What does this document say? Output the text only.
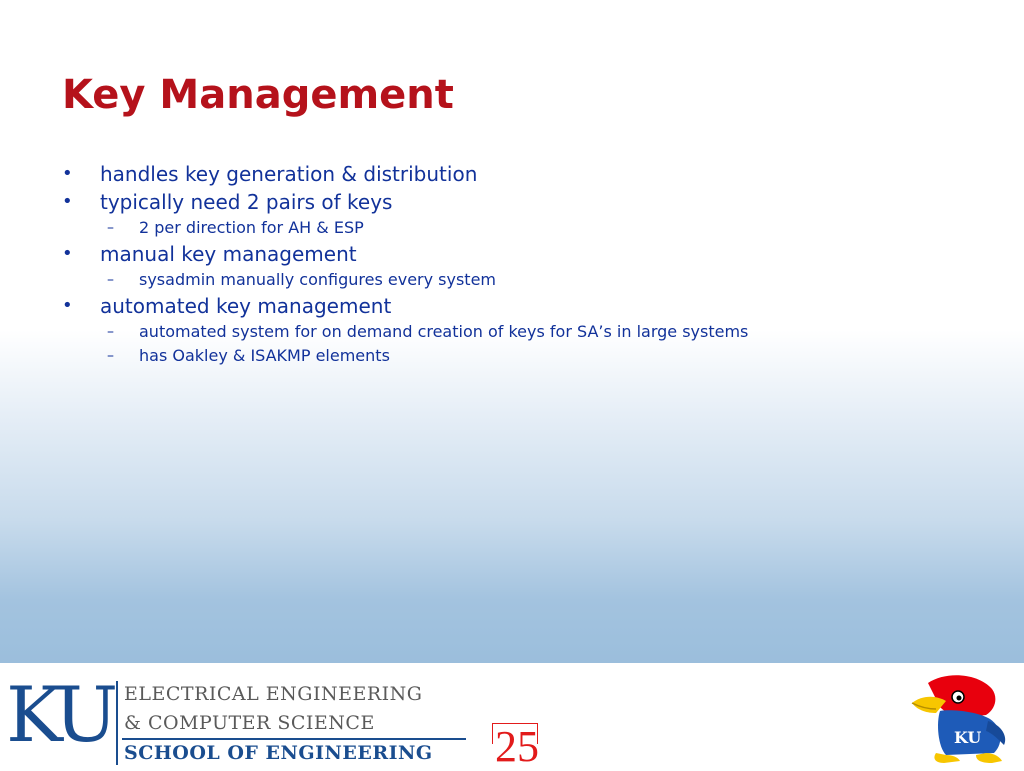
Key Management
• handles key generation & distribution
• typically need 2 pairs of keys
– 2 per direction for AH & ESP
• manual key management
– sysadmin manually configures every system
• automated key management
– automated system for on demand creation of keys for SA’s in large systems
– has Oakley & ISAKMP elements
KU ELECTRICAL ENGINEERING
& COMPUTER SCIENCE
SCHOOL OF ENGINEERING 25	KU
